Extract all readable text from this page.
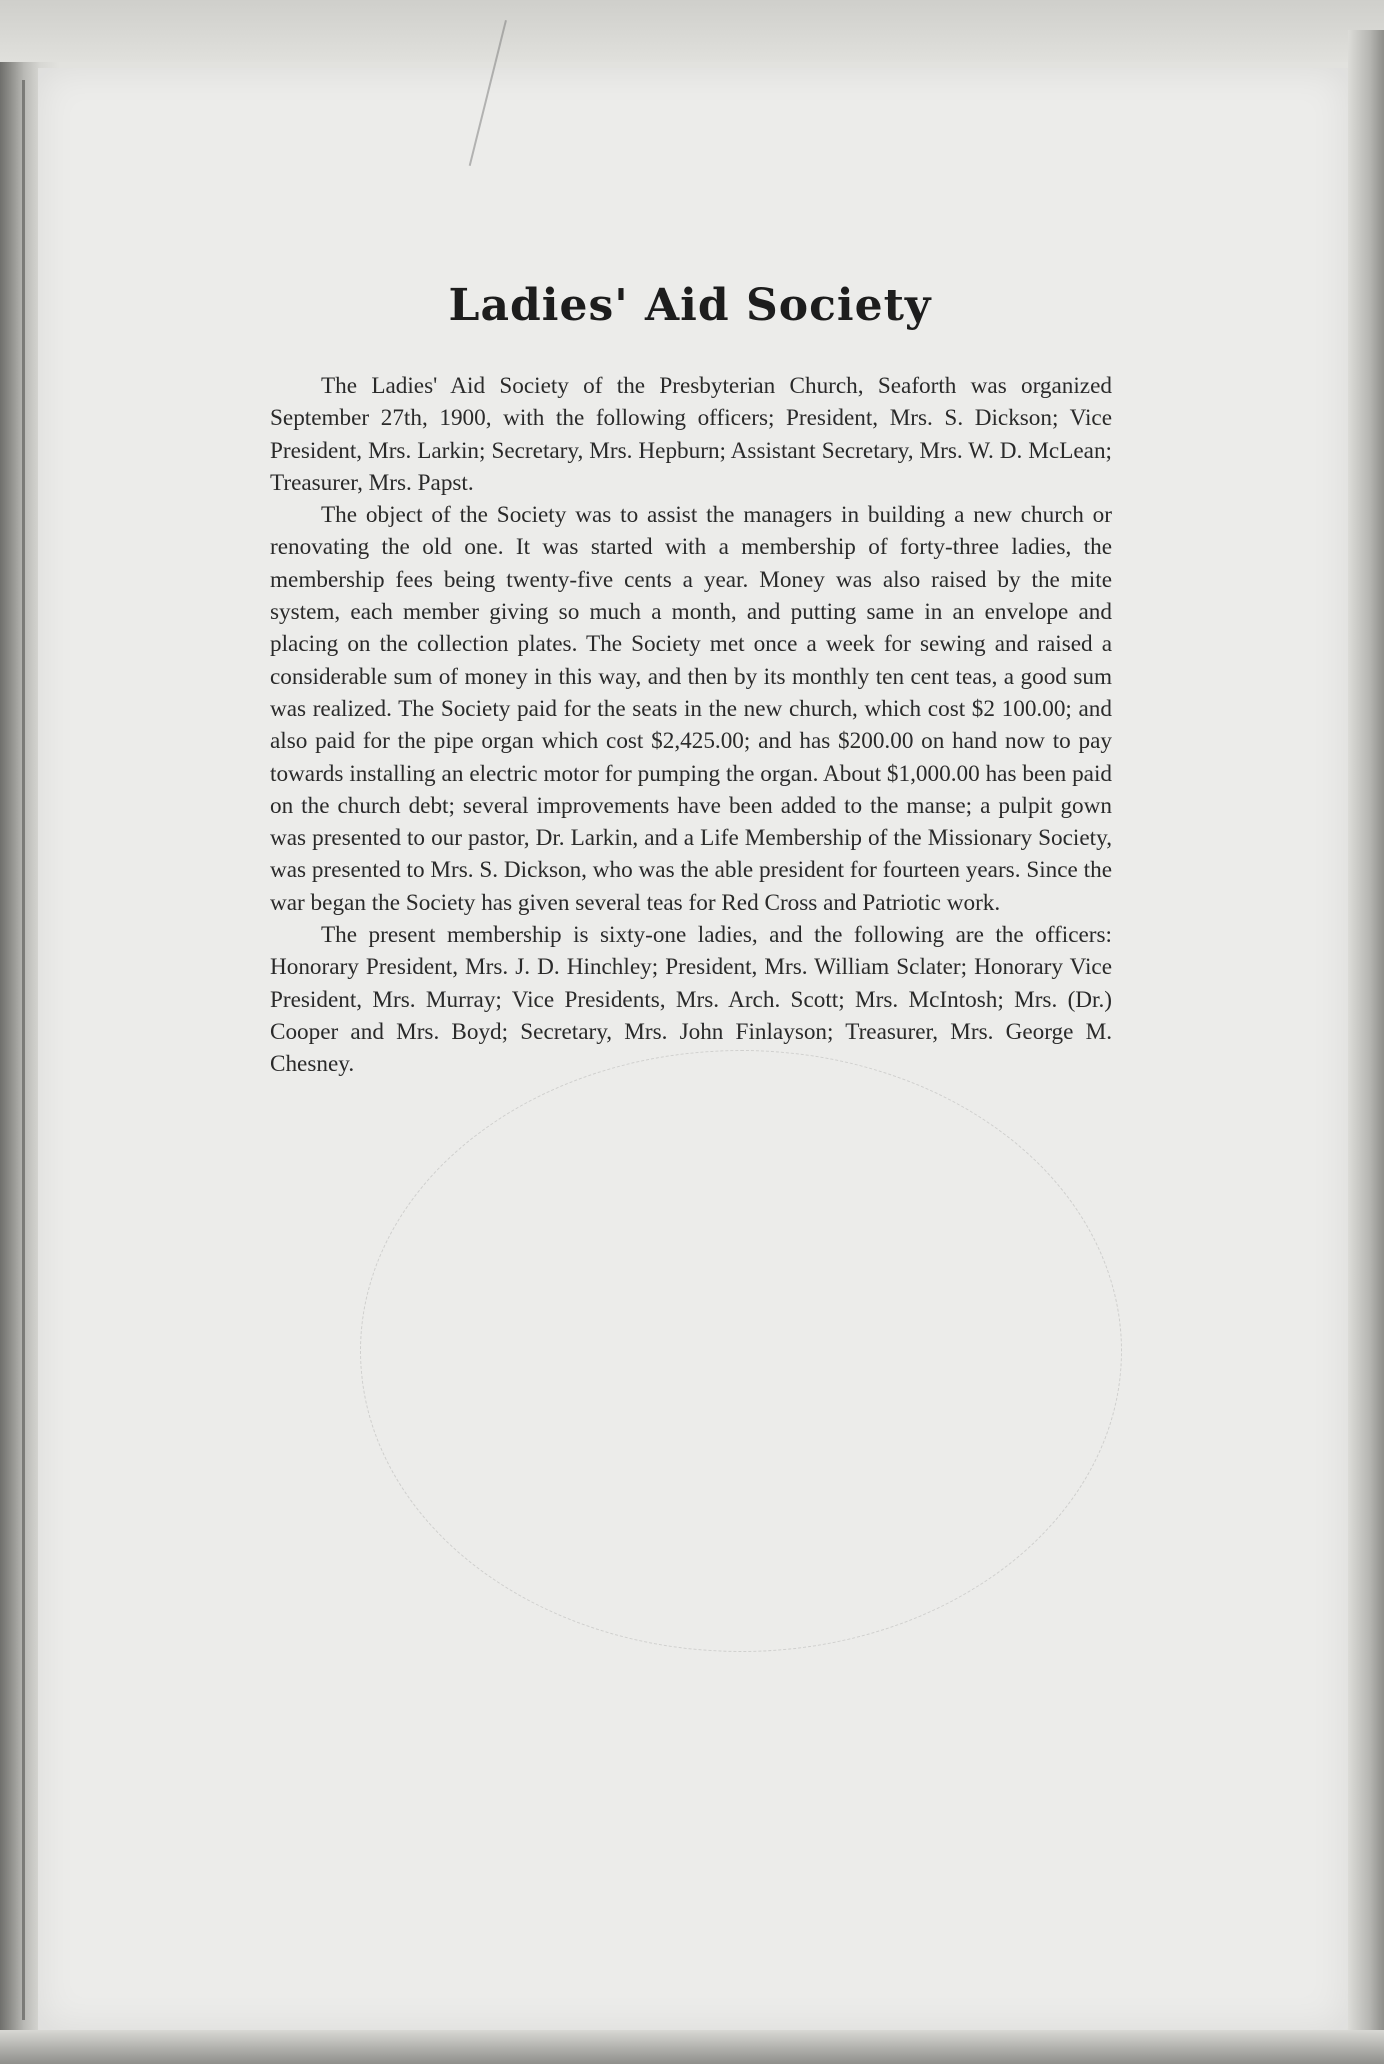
Ladies' Aid Society

The Ladies' Aid Society of the Presbyterian Church, Seaforth was organized September 27th, 1900, with the following officers; President, Mrs. S. Dickson; Vice President, Mrs. Larkin; Secretary, Mrs. Hepburn; Assistant Secretary, Mrs. W. D. McLean; Treasurer, Mrs. Papst.

The object of the Society was to assist the managers in building a new church or renovating the old one. It was started with a membership of forty-three ladies, the membership fees being twenty-five cents a year. Money was also raised by the mite system, each member giving so much a month, and putting same in an envelope and placing on the collection plates. The Society met once a week for sewing and raised a considerable sum of money in this way, and then by its monthly ten cent teas, a good sum was realized. The Society paid for the seats in the new church, which cost $2 100.00; and also paid for the pipe organ which cost $2,425.00; and has $200.00 on hand now to pay towards installing an electric motor for pumping the organ. About $1,000.00 has been paid on the church debt; several improvements have been added to the manse; a pulpit gown was presented to our pastor, Dr. Larkin, and a Life Membership of the Missionary Society, was presented to Mrs. S. Dickson, who was the able president for fourteen years. Since the war began the Society has given several teas for Red Cross and Patriotic work.

The present membership is sixty-one ladies, and the following are the officers: Honorary President, Mrs. J. D. Hinchley; President, Mrs. William Sclater; Honorary Vice President, Mrs. Murray; Vice Presidents, Mrs. Arch. Scott; Mrs. McIntosh; Mrs. (Dr.) Cooper and Mrs. Boyd; Secretary, Mrs. John Finlayson; Treasurer, Mrs. George M. Chesney.
